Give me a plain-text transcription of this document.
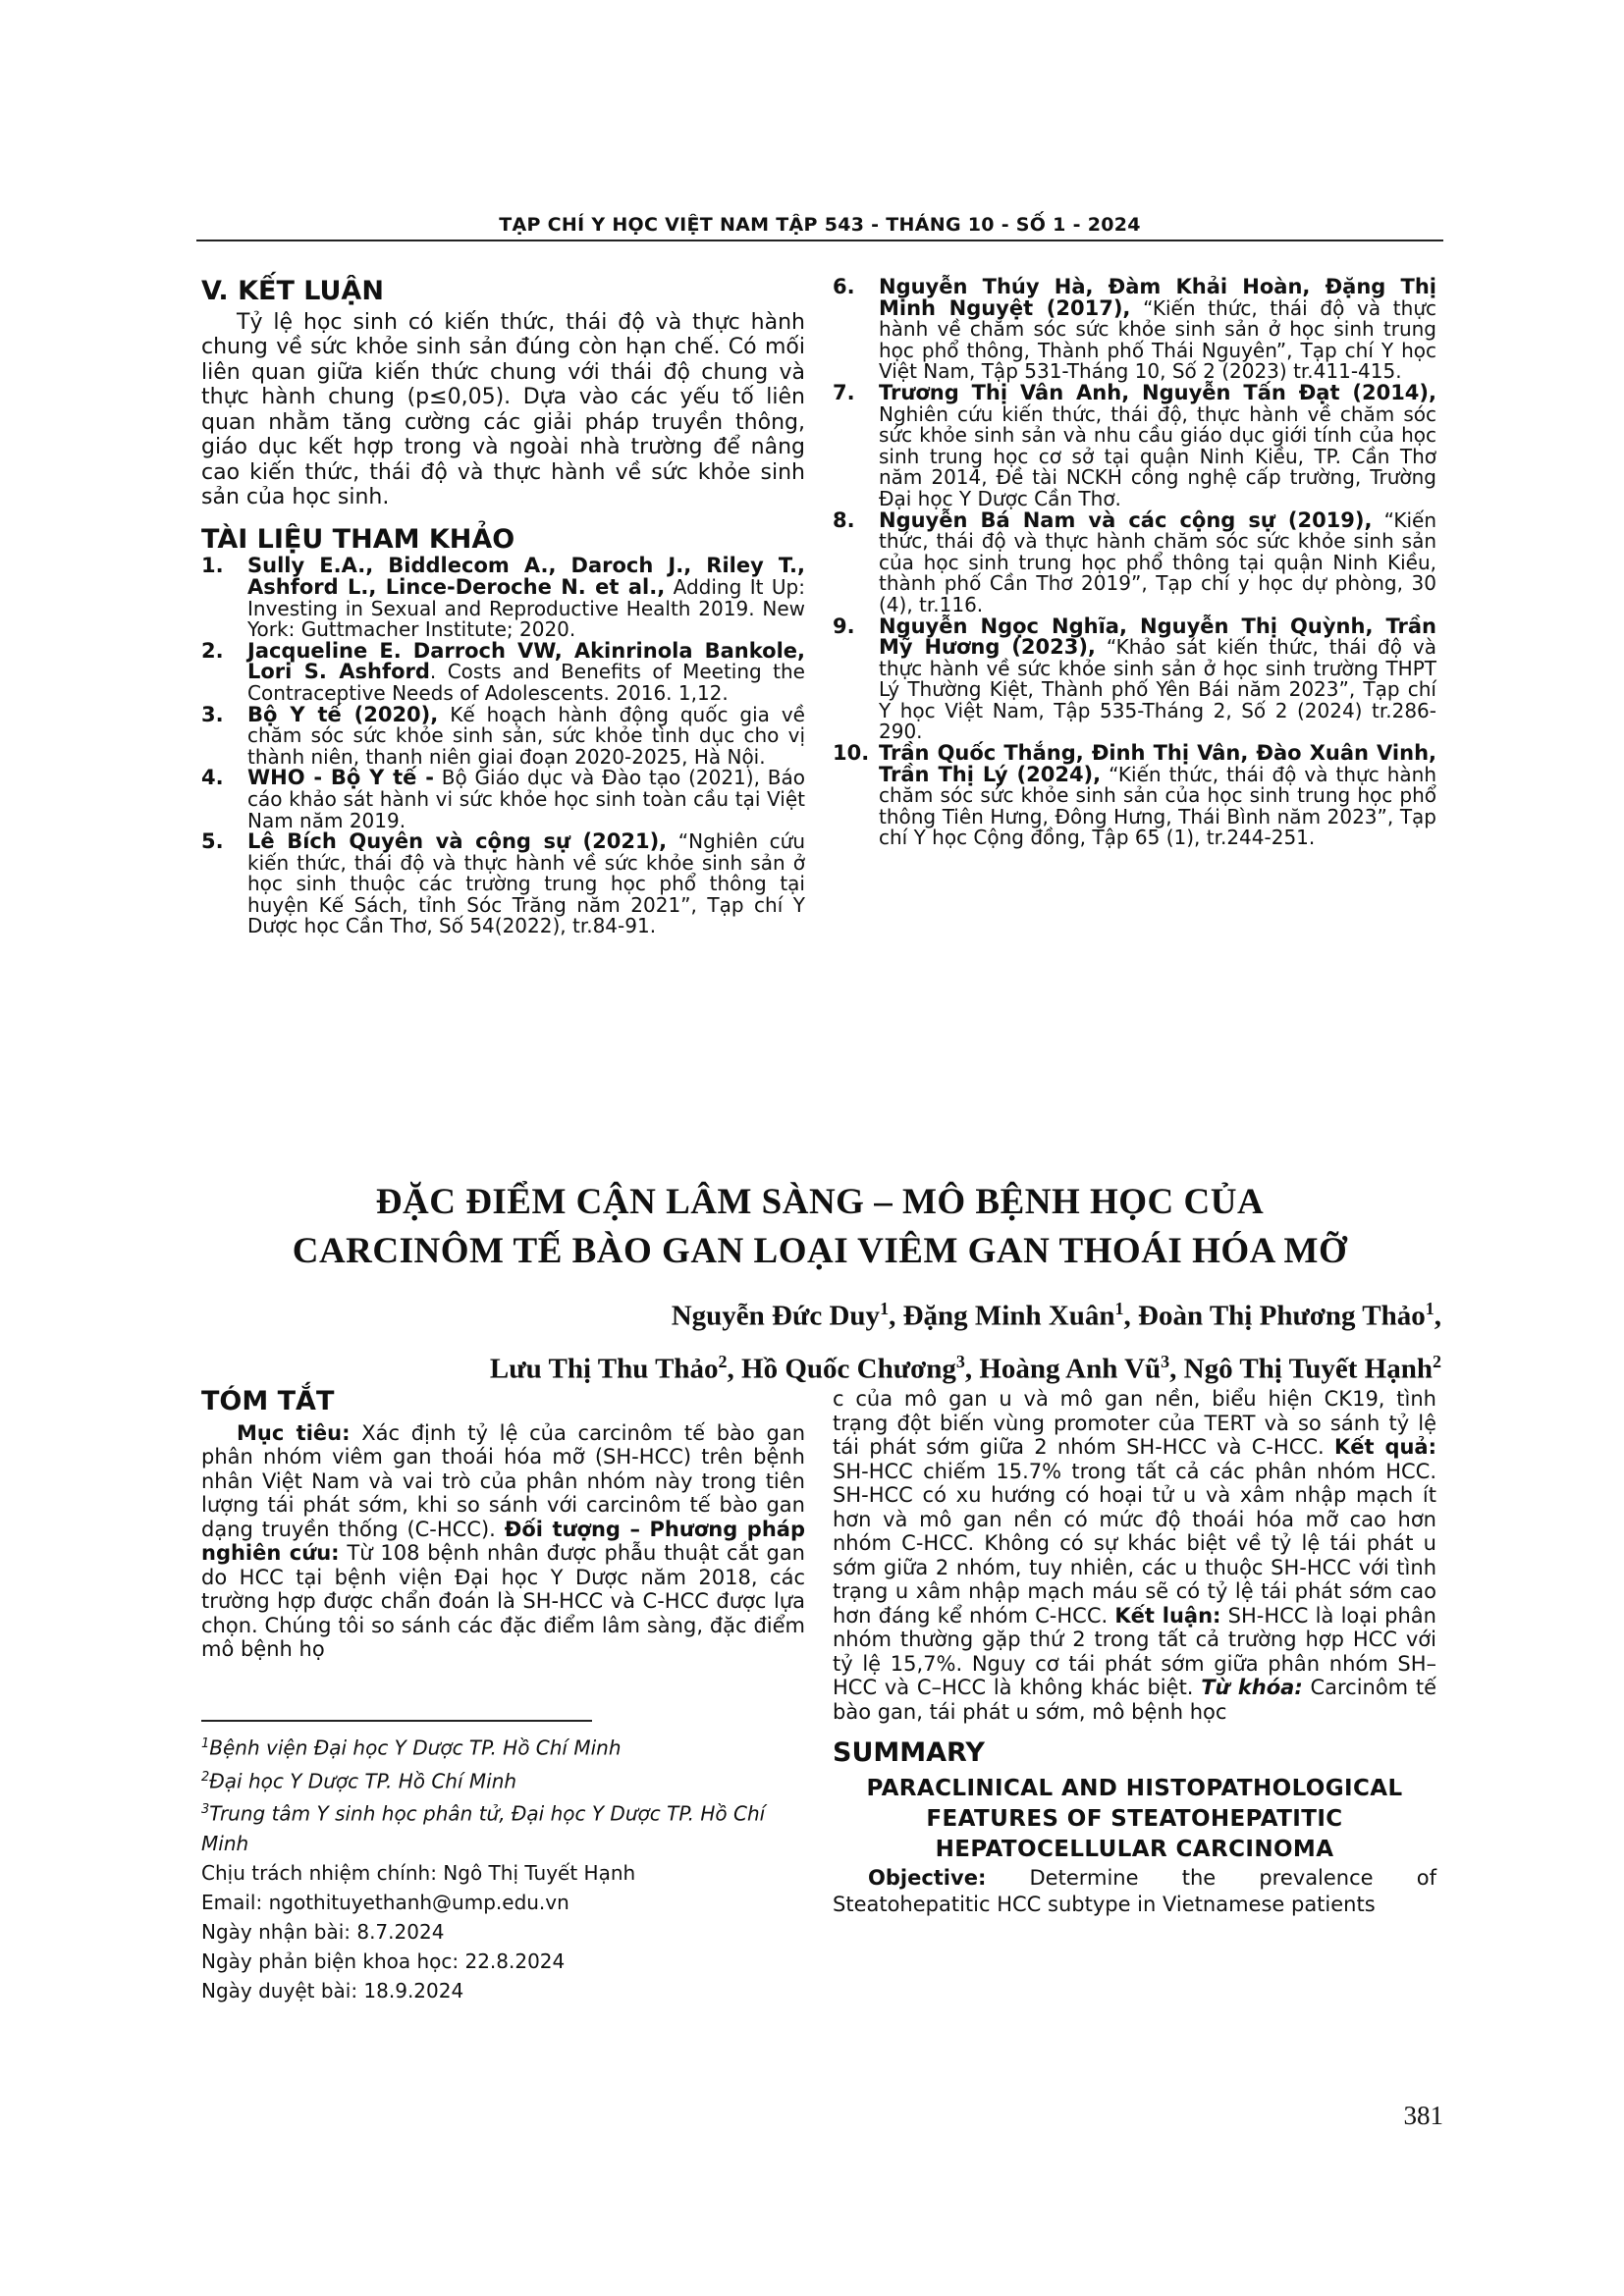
TẠP CHÍ Y HỌC VIỆT NAM TẬP 543 - THÁNG 10 - SỐ 1 - 2024
V. KẾT LUẬN

Tỷ lệ học sinh có kiến thức, thái độ và thực hành chung về sức khỏe sinh sản đúng còn hạn chế. Có mối liên quan giữa kiến thức chung với thái độ chung và thực hành chung (p≤0,05). Dựa vào các yếu tố liên quan nhằm tăng cường các giải pháp truyền thông, giáo dục kết hợp trong và ngoài nhà trường để nâng cao kiến thức, thái độ và thực hành về sức khỏe sinh sản của học sinh.

TÀI LIỆU THAM KHẢO
1. Sully E.A., Biddlecom A., Daroch J., Riley T., Ashford L., Lince-Deroche N. et al., Adding It Up: Investing in Sexual and Reproductive Health 2019. New York: Guttmacher Institute; 2020.
2. Jacqueline E. Darroch VW, Akinrinola Bankole, Lori S. Ashford. Costs and Benefits of Meeting the Contraceptive Needs of Adolescents. 2016. 1,12.
3. Bộ Y tế (2020), Kế hoạch hành động quốc gia về chăm sóc sức khỏe sinh sản, sức khỏe tình dục cho vị thành niên, thanh niên giai đoạn 2020-2025, Hà Nội.
4. WHO - Bộ Y tế - Bộ Giáo dục và Đào tạo (2021), Báo cáo khảo sát hành vi sức khỏe học sinh toàn cầu tại Việt Nam năm 2019.
5. Lê Bích Quyên và cộng sự (2021), “Nghiên cứu kiến thức, thái độ và thực hành về sức khỏe sinh sản ở học sinh thuộc các trường trung học phổ thông tại huyện Kế Sách, tỉnh Sóc Trăng năm 2021”, Tạp chí Y Dược học Cần Thơ, Số 54(2022), tr.84-91.
6. Nguyễn Thúy Hà, Đàm Khải Hoàn, Đặng Thị Minh Nguyệt (2017), “Kiến thức, thái độ và thực hành về chăm sóc sức khỏe sinh sản ở học sinh trung học phổ thông, Thành phố Thái Nguyên”, Tạp chí Y học Việt Nam, Tập 531-Tháng 10, Số 2 (2023) tr.411-415.
7. Trương Thị Vân Anh, Nguyễn Tấn Đạt (2014), Nghiên cứu kiến thức, thái độ, thực hành về chăm sóc sức khỏe sinh sản và nhu cầu giáo dục giới tính của học sinh trung học cơ sở tại quận Ninh Kiều, TP. Cần Thơ năm 2014, Đề tài NCKH công nghệ cấp trường, Trường Đại học Y Dược Cần Thơ.
8. Nguyễn Bá Nam và các cộng sự (2019), “Kiến thức, thái độ và thực hành chăm sóc sức khỏe sinh sản của học sinh trung học phổ thông tại quận Ninh Kiều, thành phố Cần Thơ 2019”, Tạp chí y học dự phòng, 30 (4), tr.116.
9. Nguyễn Ngọc Nghĩa, Nguyễn Thị Quỳnh, Trần Mỹ Hương (2023), “Khảo sát kiến thức, thái độ và thực hành về sức khỏe sinh sản ở học sinh trường THPT Lý Thường Kiệt, Thành phố Yên Bái năm 2023”, Tạp chí Y học Việt Nam, Tập 535-Tháng 2, Số 2 (2024) tr.286-290.
10. Trần Quốc Thắng, Đinh Thị Vân, Đào Xuân Vinh, Trần Thị Lý (2024), “Kiến thức, thái độ và thực hành chăm sóc sức khỏe sinh sản của học sinh trung học phổ thông Tiên Hưng, Đông Hưng, Thái Bình năm 2023”, Tạp chí Y học Cộng đồng, Tập 65 (1), tr.244-251.
ĐẶC ĐIỂM CẬN LÂM SÀNG – MÔ BỆNH HỌC CỦA
CARCINÔM TẾ BÀO GAN LOẠI VIÊM GAN THOÁI HÓA MỠ
Nguyễn Đức Duy$^1$, Đặng Minh Xuân$^1$, Đoàn Thị Phương Thảo$^1$,
Lưu Thị Thu Thảo$^2$, Hồ Quốc Chương$^3$, Hoàng Anh $Vũ^3$, Ngô Thị Tuyết Hạnh$^2$
TÓM TẮT

Mục tiêu: Xác định tỷ lệ của carcinôm tế bào gan phân nhóm viêm gan thoái hóa mỡ (SH-HCC) trên bệnh nhân Việt Nam và vai trò của phân nhóm này trong tiên lượng tái phát sớm, khi so sánh với carcinôm tế bào gan dạng truyền thống (C-HCC). Đối tượng – Phương pháp nghiên cứu: Từ 108 bệnh nhân được phẫu thuật cắt gan do HCC tại bệnh viện Đại học Y Dược năm 2018, các trường hợp được chẩn đoán là SH-HCC và C-HCC được lựa chọn. Chúng tôi so sánh các đặc điểm lâm sàng, đặc điểm mô bệnh họ

$^1$Bệnh viện Đại học Y Dược TP. Hồ Chí Minh
$^2$Đại học Y Dược TP. Hồ Chí Minh
$^3$Trung tâm Y sinh học phân tử, Đại học Y Dược TP. Hồ Chí Minh
Chịu trách nhiệm chính: Ngô Thị Tuyết Hạnh
Email: ngothituyethanh@ump.edu.vn
Ngày nhận bài: 8.7.2024
Ngày phản biện khoa học: 22.8.2024
Ngày duyệt bài: 18.9.2024

c của mô gan u và mô gan nền, biểu hiện CK19, tình trạng đột biến vùng promoter của TERT và so sánh tỷ lệ tái phát sớm giữa 2 nhóm SH-HCC và C-HCC. Kết quả: SH-HCC chiếm 15.7% trong tất cả các phân nhóm HCC. SH-HCC có xu hướng có hoại tử u và xâm nhập mạch ít hơn và mô gan nền có mức độ thoái hóa mỡ cao hơn nhóm C-HCC. Không có sự khác biệt về tỷ lệ tái phát u sớm giữa 2 nhóm, tuy nhiên, các u thuộc SH-HCC với tình trạng u xâm nhập mạch máu sẽ có tỷ lệ tái phát sớm cao hơn đáng kể nhóm C-HCC. Kết luận: SH-HCC là loại phân nhóm thường gặp thứ 2 trong tất cả trường hợp HCC với tỷ lệ 15,7%. Nguy cơ tái phát sớm giữa phân nhóm SH–HCC và C–HCC là không khác biệt. Từ khóa: Carcinôm tế bào gan, tái phát u sớm, mô bệnh học

SUMMARY
PARACLINICAL AND HISTOPATHOLOGICAL
FEATURES OF STEATOHEPATITIC
HEPATOCELLULAR CARCINOMA

Objective: Determine the prevalence of Steatohepatitic HCC subtype in Vietnamese patients

381
